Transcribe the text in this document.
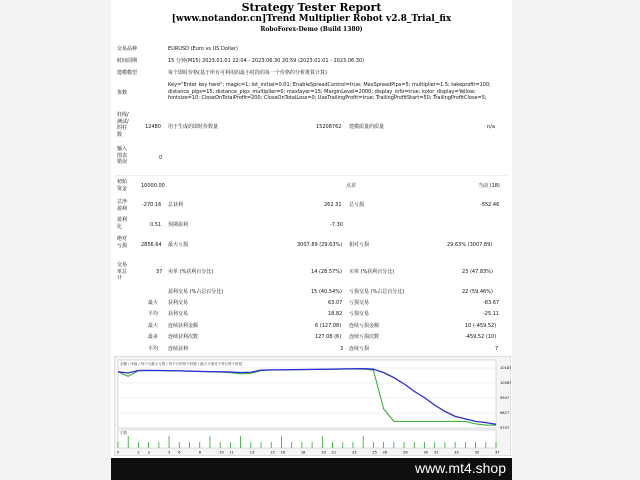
Strategy Tester Report
[www.notandor.cn]Trend Multiplier Robot v2.8_Trial_fix
RoboForex-Demo (Build 1380)
交易品种	EURUSD (Euro vs US Dollar)
时间周期	15 分钟(M15) 2023.01.01 22:04 - 2023.06.30 20:59 (2023.01.01 - 2023.06.30)
建模模型	每个即时价格(基于所有可利用的最小时段的每一个价格的分析推算计算)
参数
Key="Enter key here"; magic=1; lot_initial=0.01; EnableSpreadControl=true; MaxSpreadPips=5; multiplier=1.5; takeprofit=100; distance_pips=15; distance_pips_multiplier=0; maxlayer=15; MarginLevel=2000; display_info=true; kolor_display=Yellow; fontsize=10; CloseOnTotalProfit=200; CloseOnTotalLoss=0; UseTrailingProfit=true; TrailingProfitStart=50; TrailingProfitClose=5;
柱线/测试/的柱数
12480 用于生成的即时价数量	15208762 建模质量的质量	n/a
输入图表错误
0
初始资金	10000.00	点差	当前 (18)
总净盈利
-270.16 总获利	262.31 总亏损	-552.46
盈利比	0.51 预期盈利	-7.30
绝对亏损	2856.64 最大亏损	3007.89 (29.63%) 相对亏损	29.63% (3007.89)
交易单总计
37 卖单 (%获利百分比)	14 (28.57%) 买单 (%获利百分比)	23 (47.83%)
盈利交易 (%占总百分比)	15 (40.54%) 亏损交易 (%占总百分比)	22 (59.46%)
最大 获利交易	63.07 亏损交易	-83.67
平均 获利交易	18.82 亏损交易	-25.11
最大 连续获利金额	6 (127.08) 连续亏损金额	10 (-459.52)
最多 连续获利次数	127.08 (6) 连续亏损次数	-459.52 (10)
平均 连续获利	3 连续亏损	7
余额 / 净值 / 每个月最大亏损 / 每个月的每个时期 / 最大亏损对于每月每个时段
10187
10067
9947
9827
9707
手数
0	2 3	5 6	8	10 11	13	15 16	18	20 21	23	25 26	28	30 31	33	35	37
www.mt4.shop
